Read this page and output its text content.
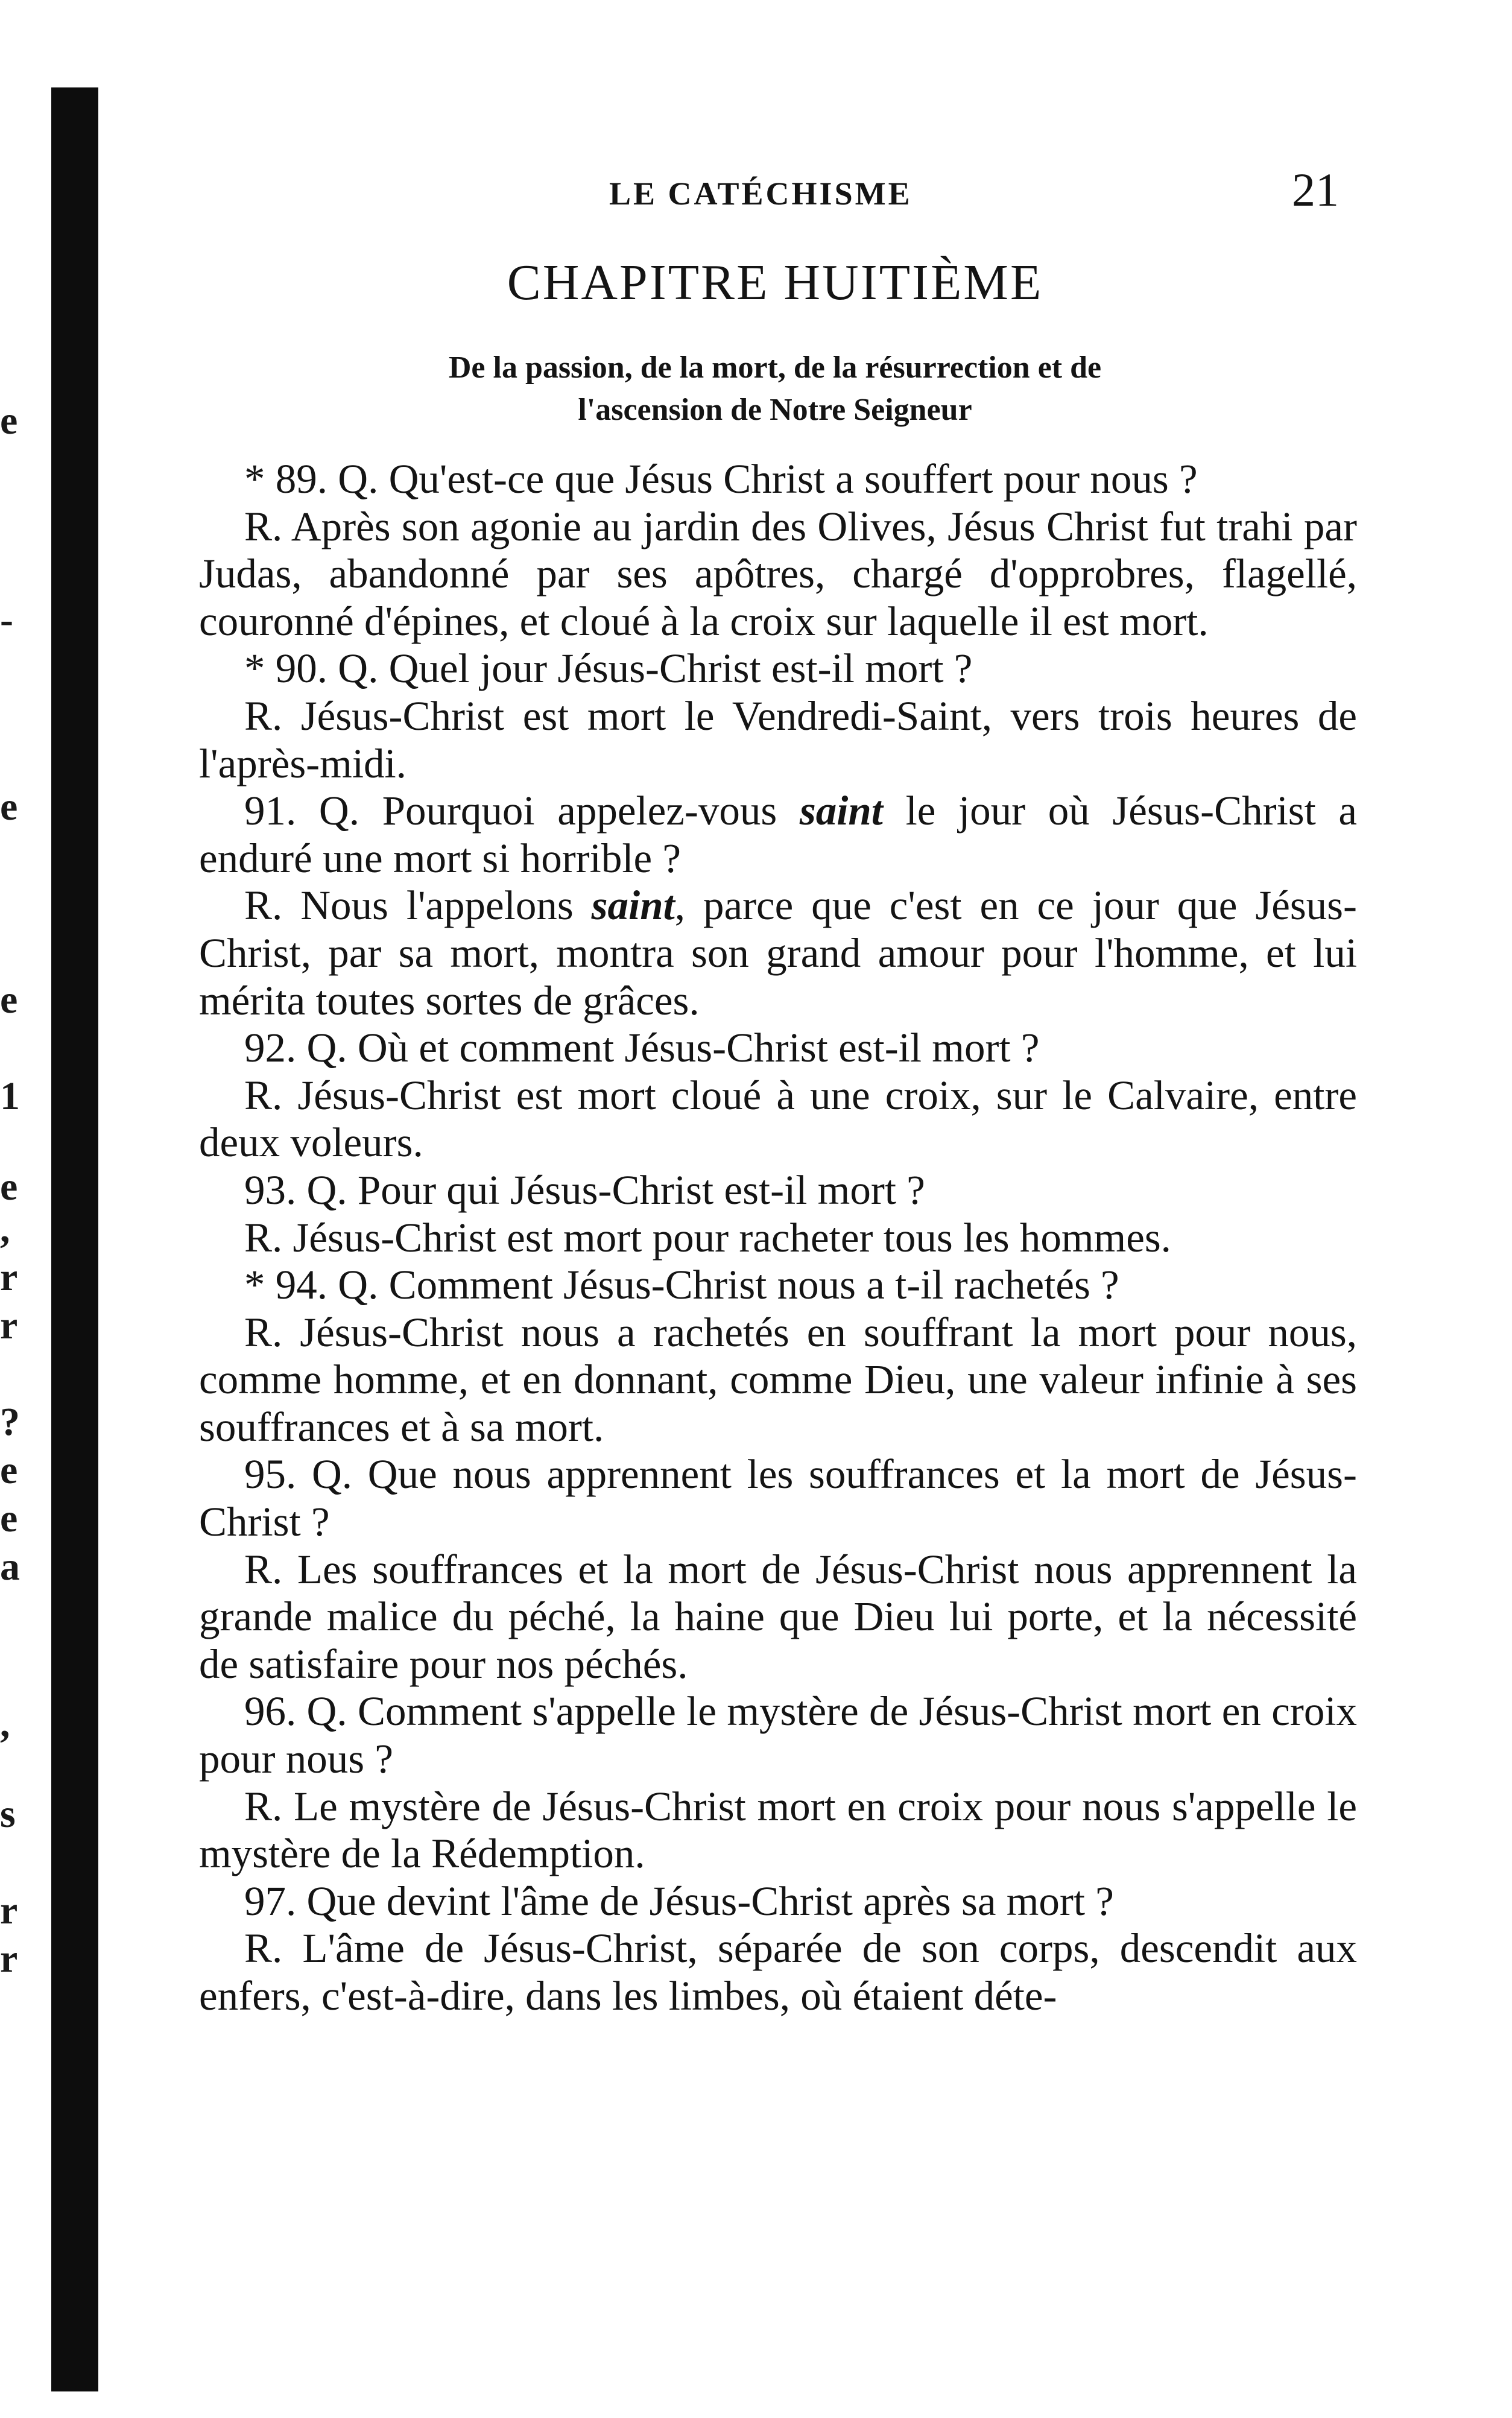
e
-
e
e
1
e
,
r
r
?
e
e
a
,
s
r
r
LE CATÉCHISME	21
CHAPITRE HUITIÈME
De la passion, de la mort, de la résurrection et de
l'ascension de Notre Seigneur

* 89. Q. Qu'est-ce que Jésus Christ a souffert pour nous ?

R. Après son agonie au jardin des Olives, Jésus Christ fut trahi par Judas, abandonné par ses apôtres, chargé d'opprobres, flagellé, couronné d'épines, et cloué à la croix sur laquelle il est mort.

* 90. Q. Quel jour Jésus-Christ est-il mort ?

R. Jésus-Christ est mort le Vendredi-Saint, vers trois heures de l'après-midi.

91. Q. Pourquoi appelez-vous saint le jour où Jésus-Christ a enduré une mort si horrible ?

R. Nous l'appelons saint, parce que c'est en ce jour que Jésus-Christ, par sa mort, montra son grand amour pour l'homme, et lui mérita toutes sortes de grâces.

92. Q. Où et comment Jésus-Christ est-il mort ?

R. Jésus-Christ est mort cloué à une croix, sur le Calvaire, entre deux voleurs.

93. Q. Pour qui Jésus-Christ est-il mort ?

R. Jésus-Christ est mort pour racheter tous les hommes.

* 94. Q. Comment Jésus-Christ nous a t-il rachetés ?

R. Jésus-Christ nous a rachetés en souffrant la mort pour nous, comme homme, et en donnant, comme Dieu, une valeur infinie à ses souffrances et à sa mort.

95. Q. Que nous apprennent les souffrances et la mort de Jésus-Christ ?

R. Les souffrances et la mort de Jésus-Christ nous apprennent la grande malice du péché, la haine que Dieu lui porte, et la nécessité de satisfaire pour nos péchés.

96. Q. Comment s'appelle le mystère de Jésus-Christ mort en croix pour nous ?

R. Le mystère de Jésus-Christ mort en croix pour nous s'appelle le mystère de la Rédemption.

97. Que devint l'âme de Jésus-Christ après sa mort ?

R. L'âme de Jésus-Christ, séparée de son corps, descendit aux enfers, c'est-à-dire, dans les limbes, où étaient déte-
